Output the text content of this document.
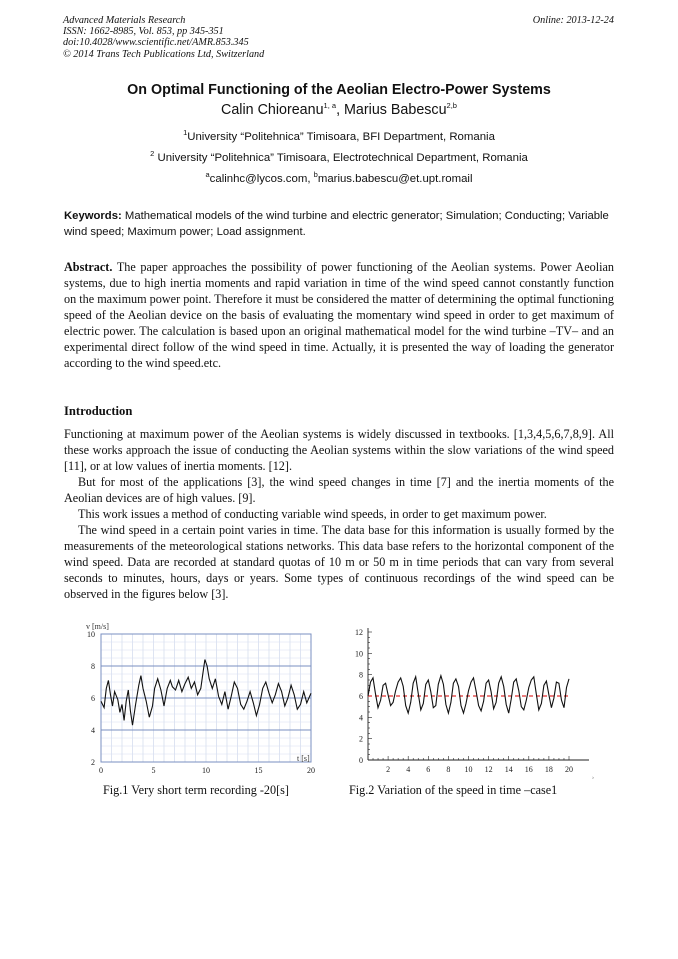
Advanced Materials Research
ISSN: 1662-8985, Vol. 853, pp 345-351
doi:10.4028/www.scientific.net/AMR.853.345
© 2014 Trans Tech Publications Ltd, Switzerland
Online: 2013-12-24
On Optimal Functioning of the Aeolian Electro-Power Systems
Calin Chioreanu$^{1, a}$, Marius Babescu$^{2,b}$
$^1$University “Politehnica” Timisoara, BFI Department, Romania
$^2$ University “Politehnica” Timisoara, Electrotechnical Department, Romania
$^a$calinhc@lycos.com, $^b$marius.babescu@et.upt.romail
Keywords: Mathematical models of the wind turbine and electric generator; Simulation; Conducting; Variable wind speed; Maximum power; Load assignment.
Abstract. The paper approaches the possibility of power functioning of the Aeolian systems. Power Aeolian systems, due to high inertia moments and rapid variation in time of the wind speed cannot constantly function on the maximum power point. Therefore it must be considered the matter of determining the optimal functioning speed of the Aeolian device on the basis of evaluating the momentary wind speed in order to get maximum of electric power. The calculation is based upon an original mathematical model for the wind turbine –TV– and an experimental direct follow of the wind speed in time. Actually, it is presented the way of loading the generator according to the wind speed.etc.
Introduction
Functioning at maximum power of the Aeolian systems is widely discussed in textbooks. [1,3,4,5,6,7,8,9]. All these works approach the issue of conducting the Aeolian systems within the slow variations of the wind speed [11], or at low values of inertia moments. [12].
But for most of the applications [3], the wind speed changes in time [7] and the inertia moments of the Aeolian devices are of high values. [9].
This work issues a method of conducting variable wind speeds, in order to get maximum power.
The wind speed in a certain point varies in time. The data base for this information is usually formed by the measurements of the meteorological stations networks. This data base refers to the horizontal component of the wind speed. Data are recorded at standard quotas of 10 m or 50 m in time periods that can vary from several seconds to minutes, hours, days or years. Some types of continuous recordings of the wind speed can be observed in the figures below [3].
0	5	10	15	20
2
4
6
8
10
v [m/s]
t [s]
Fig.1 Very short term recording -20[s]
0
2
4
6
8
10
12
2 4 6 8 10 12 14 16 18 20
›
Fig.2 Variation of the speed in time –case1
